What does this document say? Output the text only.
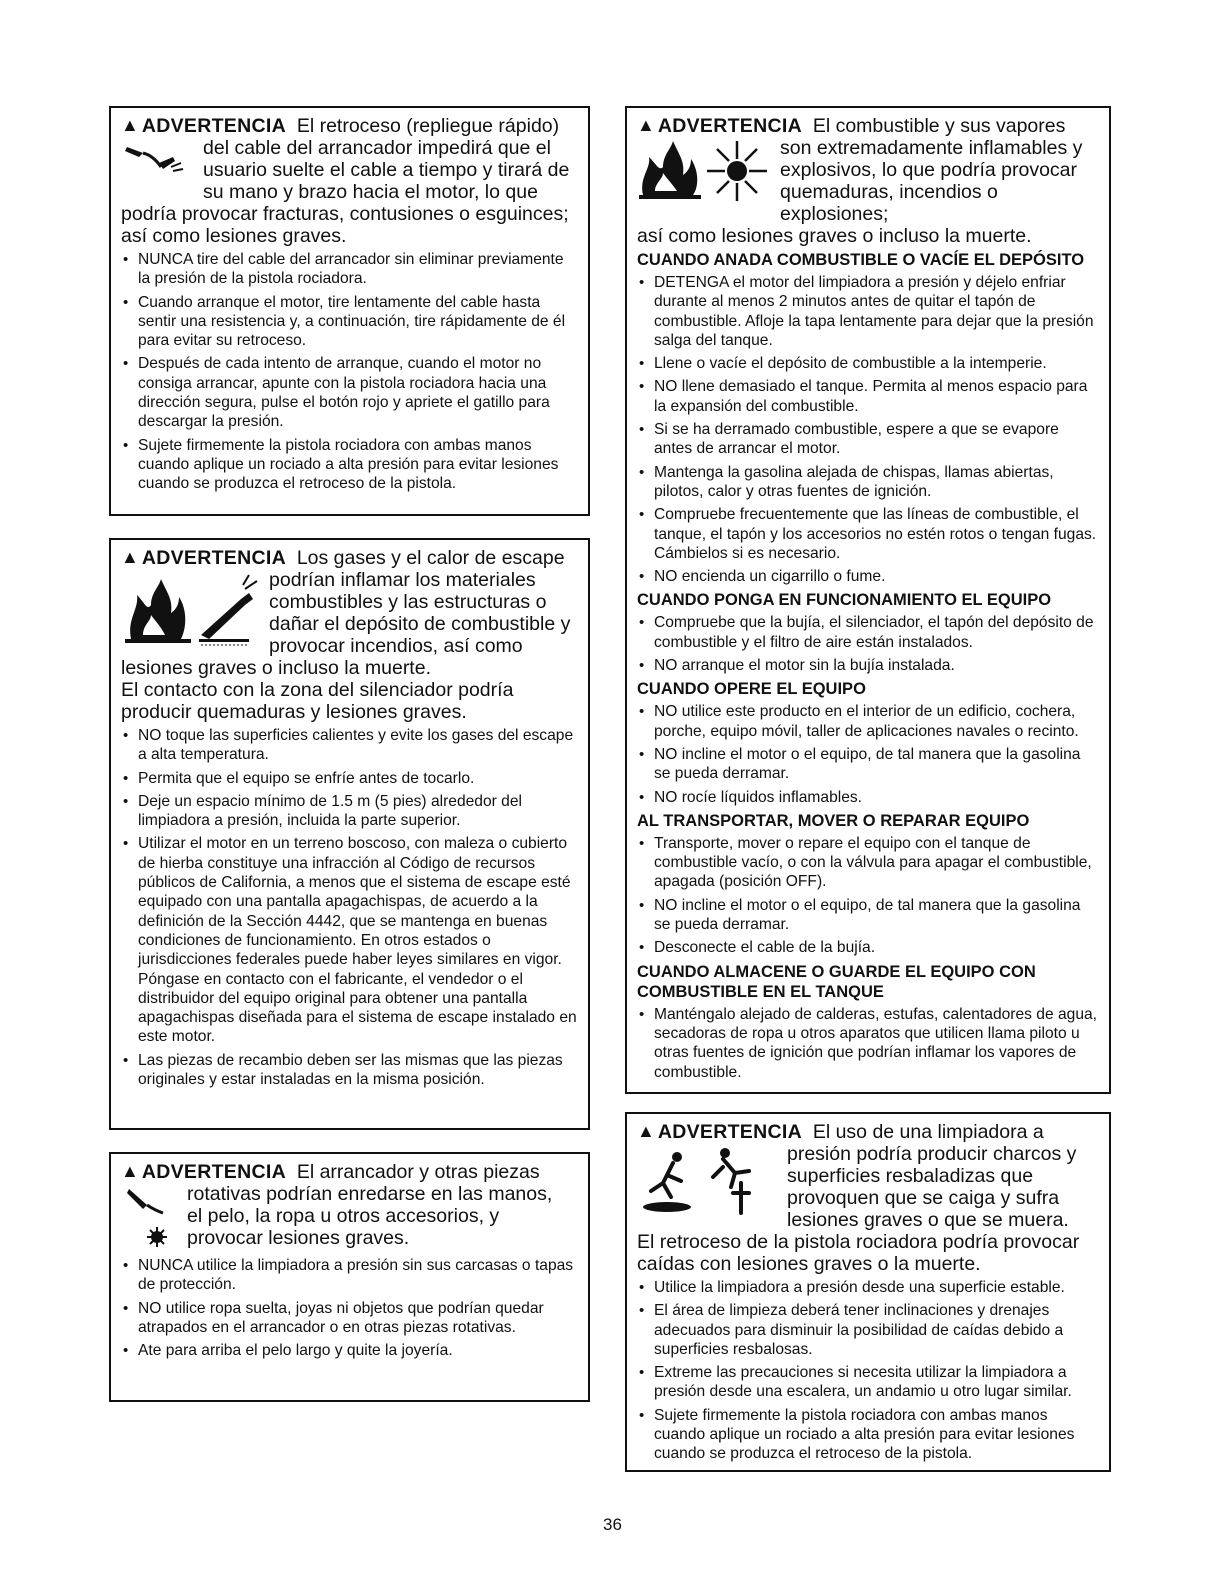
▲ ADVERTENCIA El retroceso (repliegue rápido)
del cable del arrancador impedirá que el
usuario suelte el cable a tiempo y tirará de
su mano y brazo hacia el motor, lo que
podría provocar fracturas, contusiones o esguinces;
así como lesiones graves.
• NUNCA tire del cable del arrancador sin eliminar previamente la presión de la pistola rociadora.
• Cuando arranque el motor, tire lentamente del cable hasta sentir una resistencia y, a continuación, tire rápidamente de él para evitar su retroceso.
• Después de cada intento de arranque, cuando el motor no consiga arrancar, apunte con la pistola rociadora hacia una dirección segura, pulse el botón rojo y apriete el gatillo para descargar la presión.
• Sujete firmemente la pistola rociadora con ambas manos cuando aplique un rociado a alta presión para evitar lesiones cuando se produzca el retroceso de la pistola.
▲ ADVERTENCIA Los gases y el calor de escape
podrían inflamar los materiales
combustibles y las estructuras o
dañar el depósito de combustible y
provocar incendios, así como
lesiones graves o incluso la muerte.
El contacto con la zona del silenciador podría
producir quemaduras y lesiones graves.
• NO toque las superficies calientes y evite los gases del escape a alta temperatura.
• Permita que el equipo se enfríe antes de tocarlo.
• Deje un espacio mínimo de 1.5 m (5 pies) alrededor del limpiadora a presión, incluida la parte superior.
• Utilizar el motor en un terreno boscoso, con maleza o cubierto de hierba constituye una infracción al Código de recursos públicos de California, a menos que el sistema de escape esté equipado con una pantalla apagachispas, de acuerdo a la definición de la Sección 4442, que se mantenga en buenas condiciones de funcionamiento. En otros estados o jurisdicciones federales puede haber leyes similares en vigor. Póngase en contacto con el fabricante, el vendedor o el distribuidor del equipo original para obtener una pantalla apagachispas diseñada para el sistema de escape instalado en este motor.
• Las piezas de recambio deben ser las mismas que las piezas originales y estar instaladas en la misma posición.
▲ ADVERTENCIA El arrancador y otras piezas
rotativas podrían enredarse en las manos,
el pelo, la ropa u otros accesorios, y
provocar lesiones graves.
• NUNCA utilice la limpiadora a presión sin sus carcasas o tapas de protección.
• NO utilice ropa suelta, joyas ni objetos que podrían quedar atrapados en el arrancador o en otras piezas rotativas.
• Ate para arriba el pelo largo y quite la joyería.
▲ ADVERTENCIA El combustible y sus vapores
son extremadamente inflamables y
explosivos, lo que podría provocar
quemaduras, incendios o explosiones;
así como lesiones graves o incluso la muerte.
CUANDO ANADA COMBUSTIBLE O VACÍE EL DEPÓSITO
• DETENGA el motor del limpiadora a presión y déjelo enfriar durante al menos 2 minutos antes de quitar el tapón de combustible. Afloje la tapa lentamente para dejar que la presión salga del tanque.
• Llene o vacíe el depósito de combustible a la intemperie.
• NO llene demasiado el tanque. Permita al menos espacio para la expansión del combustible.
• Si se ha derramado combustible, espere a que se evapore antes de arrancar el motor.
• Mantenga la gasolina alejada de chispas, llamas abiertas, pilotos, calor y otras fuentes de ignición.
• Compruebe frecuentemente que las líneas de combustible, el tanque, el tapón y los accesorios no estén rotos o tengan fugas. Cámbielos si es necesario.
• NO encienda un cigarrillo o fume.
CUANDO PONGA EN FUNCIONAMIENTO EL EQUIPO
• Compruebe que la bujía, el silenciador, el tapón del depósito de combustible y el filtro de aire están instalados.
• NO arranque el motor sin la bujía instalada.
CUANDO OPERE EL EQUIPO
• NO utilice este producto en el interior de un edificio, cochera, porche, equipo móvil, taller de aplicaciones navales o recinto.
• NO incline el motor o el equipo, de tal manera que la gasolina se pueda derramar.
• NO rocíe líquidos inflamables.
AL TRANSPORTAR, MOVER O REPARAR EQUIPO
• Transporte, mover o repare el equipo con el tanque de combustible vacío, o con la válvula para apagar el combustible, apagada (posición OFF).
• NO incline el motor o el equipo, de tal manera que la gasolina se pueda derramar.
• Desconecte el cable de la bujía.
CUANDO ALMACENE O GUARDE EL EQUIPO CON COMBUSTIBLE EN EL TANQUE
• Manténgalo alejado de calderas, estufas, calentadores de agua, secadoras de ropa u otros aparatos que utilicen llama piloto u otras fuentes de ignición que podrían inflamar los vapores de combustible.
▲ ADVERTENCIA El uso de una limpiadora a
presión podría producir charcos y
superficies resbaladizas que
provoquen que se caiga y sufra
lesiones graves o que se muera.
El retroceso de la pistola rociadora podría provocar
caídas con lesiones graves o la muerte.
• Utilice la limpiadora a presión desde una superficie estable.
• El área de limpieza deberá tener inclinaciones y drenajes adecuados para disminuir la posibilidad de caídas debido a superficies resbalosas.
• Extreme las precauciones si necesita utilizar la limpiadora a presión desde una escalera, un andamio u otro lugar similar.
• Sujete firmemente la pistola rociadora con ambas manos cuando aplique un rociado a alta presión para evitar lesiones cuando se produzca el retroceso de la pistola.
36
